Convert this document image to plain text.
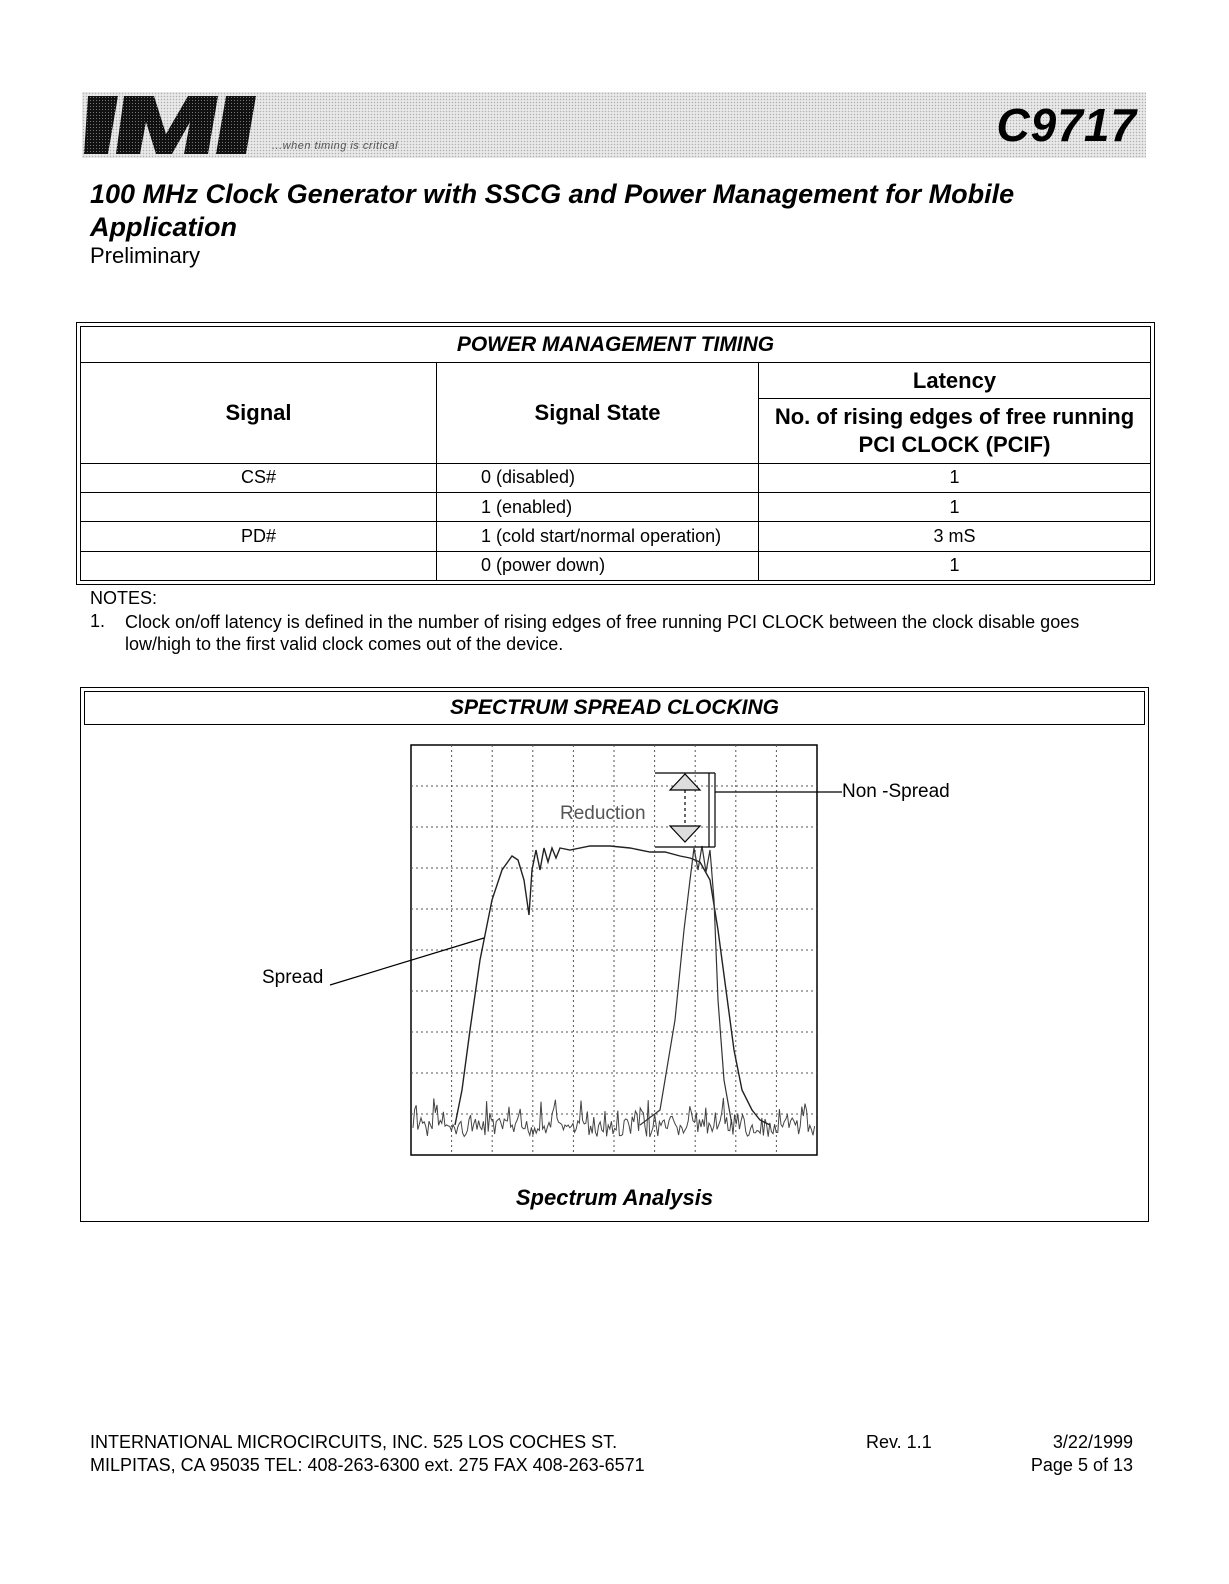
...when timing is critical	C9717
100 MHz Clock Generator with SSCG and Power Management for Mobile Application
Preliminary
POWER MANAGEMENT TIMING		
Signal	Signal State	Latency
		No. of rising edges of free running PCI CLOCK (PCIF)
CS#	0 (disabled)	1
	1 (enabled)	1
PD#	1 (cold start/normal operation)	3 mS
	0 (power down)	1
NOTES:
1. Clock on/off latency is defined in the number of rising edges of free running PCI CLOCK between the clock disable goes low/high to the first valid clock comes out of the device.
SPECTRUM SPREAD CLOCKING
Reduction
Non -Spread
Spread
Spectrum Analysis
INTERNATIONAL MICROCIRCUITS, INC. 525 LOS COCHES ST.
MILPITAS, CA 95035 TEL: 408-263-6300 ext. 275 FAX 408-263-6571
Rev. 1.1	3/22/1999
Page 5 of 13
